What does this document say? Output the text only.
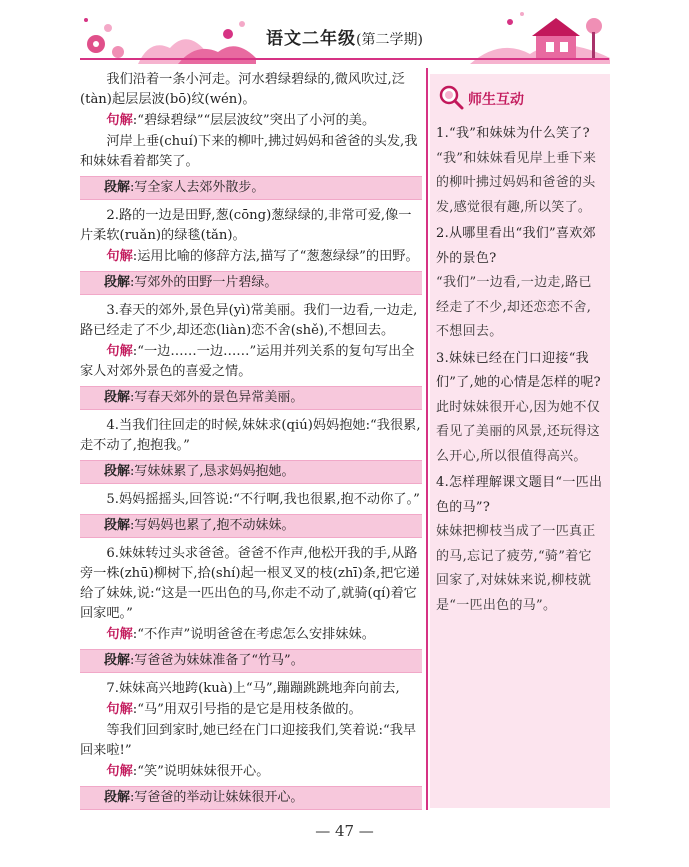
语文二年级(第二学期)
我们沿着一条小河走。河水碧绿碧绿的,微风吹过,泛(tàn)起层层波(bō)纹(wén)。
句解:“碧绿碧绿”“层层波纹”突出了小河的美。
河岸上垂(chuí)下来的柳叶,拂过妈妈和爸爸的头发,我和妹妹看着都笑了。
段解:写全家人去郊外散步。
2.路的一边是田野,葱(cōng)葱绿绿的,非常可爱,像一片柔软(ruǎn)的绿毯(tǎn)。
句解:运用比喻的修辞方法,描写了“葱葱绿绿”的田野。
段解:写郊外的田野一片碧绿。
3.春天的郊外,景色异(yì)常美丽。我们一边看,一边走,路已经走了不少,却还恋(liàn)恋不舍(shě),不想回去。
句解:“一边……一边……”运用并列关系的复句写出全家人对郊外景色的喜爱之情。
段解:写春天郊外的景色异常美丽。
4.当我们往回走的时候,妹妹求(qiú)妈妈抱她:“我很累,走不动了,抱抱我。”
段解:写妹妹累了,恳求妈妈抱她。
5.妈妈摇摇头,回答说:“不行啊,我也很累,抱不动你了。”
段解:写妈妈也累了,抱不动妹妹。
6.妹妹转过头求爸爸。爸爸不作声,他松开我的手,从路旁一株(zhū)柳树下,拾(shí)起一根叉叉的枝(zhī)条,把它递给了妹妹,说:“这是一匹出色的马,你走不动了,就骑(qí)着它回家吧。”
句解:“不作声”说明爸爸在考虑怎么安排妹妹。
段解:写爸爸为妹妹准备了“竹马”。
7.妹妹高兴地跨(kuà)上“马”,蹦蹦跳跳地奔向前去,
句解:“马”用双引号指的是它是用枝条做的。
等我们回到家时,她已经在门口迎接我们,笑着说:“我早回来啦!”
句解:“笑”说明妹妹很开心。
段解:写爸爸的举动让妹妹很开心。
师生互动
1.“我”和妹妹为什么笑了?
“我”和妹妹看见岸上垂下来的柳叶拂过妈妈和爸爸的头发,感觉很有趣,所以笑了。
2.从哪里看出“我们”喜欢郊外的景色?
“我们”一边看,一边走,路已经走了不少,却还恋恋不舍,不想回去。
3.妹妹已经在门口迎接“我们”了,她的心情是怎样的呢?
此时妹妹很开心,因为她不仅看见了美丽的风景,还玩得这么开心,所以很值得高兴。
4.怎样理解课文题目“一匹出色的马”?
妹妹把柳枝当成了一匹真正的马,忘记了疲劳,“骑”着它回家了,对妹妹来说,柳枝就是“一匹出色的马”。
— 47 —
